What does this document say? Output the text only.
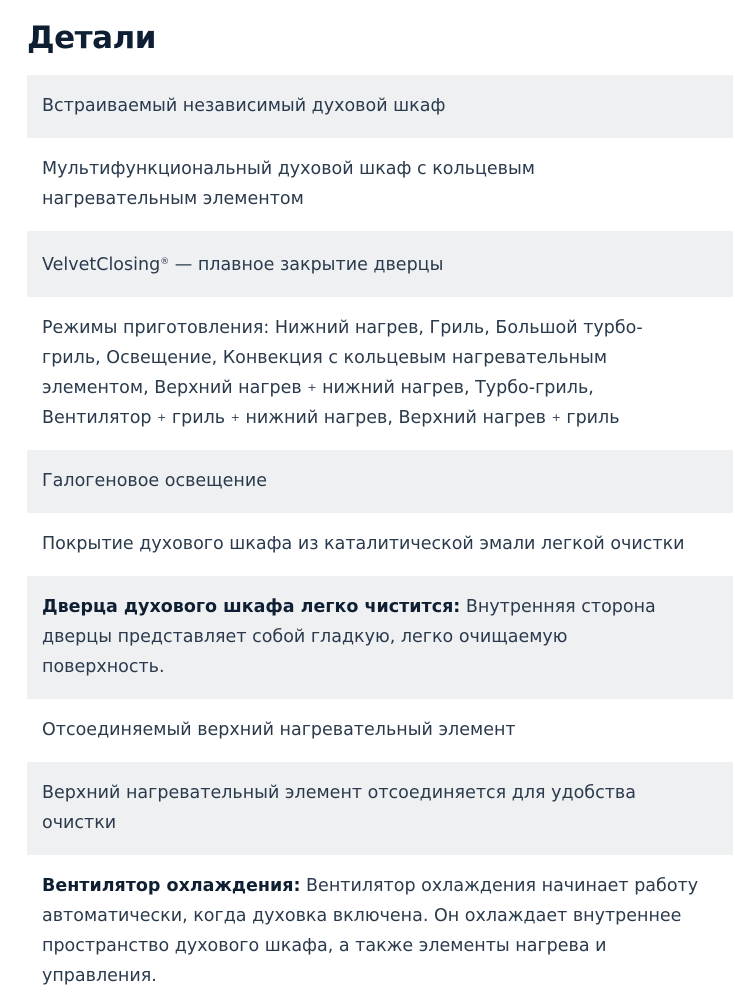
Детали
Встраиваемый независимый духовой шкаф
Мультифункциональный духовой шкаф с кольцевым
нагревательным элементом
VelvetClosing® — плавное закрытие дверцы
Режимы приготовления: Нижний нагрев, Гриль, Большой турбо-
гриль, Освещение, Конвекция с кольцевым нагревательным
элементом, Верхний нагрев + нижний нагрев, Турбо-гриль,
Вентилятор + гриль + нижний нагрев, Верхний нагрев + гриль
Галогеновое освещение
Покрытие духового шкафа из каталитической эмали легкой очистки
Дверца духового шкафа легко чистится: Внутренняя сторона
дверцы представляет собой гладкую, легко очищаемую
поверхность.
Отсоединяемый верхний нагревательный элемент
Верхний нагревательный элемент отсоединяется для удобства
очистки
Вентилятор охлаждения: Вентилятор охлаждения начинает работу
автоматически, когда духовка включена. Он охлаждает внутреннее
пространство духового шкафа, а также элементы нагрева и
управления.
